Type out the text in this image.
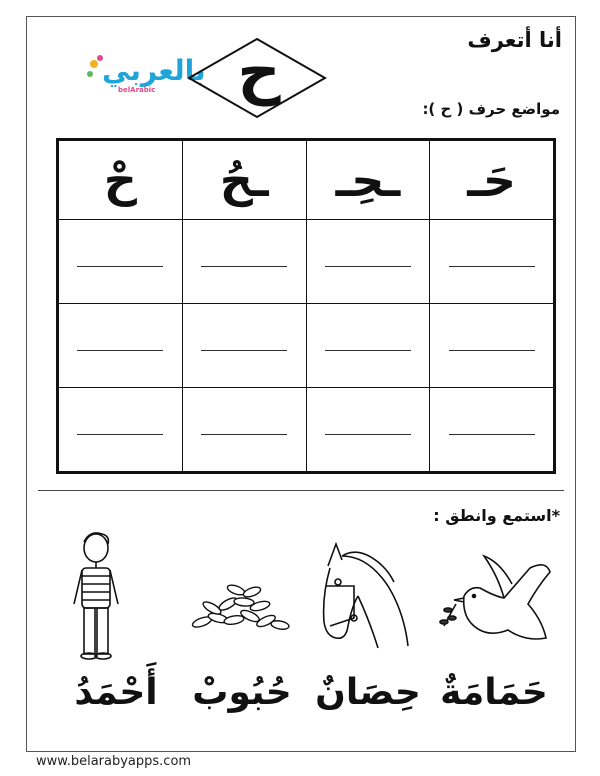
أنا أتعرف
بالعربي
belArabic ح
مواضع حرف ( ح ):
حْ	ـحُ	ـحِـ	حَـ

*استمع وانطق :
أَحْمَدُ حُبُوبْ حِصَانٌ حَمَامَةٌ
www.belarabyapps.com
